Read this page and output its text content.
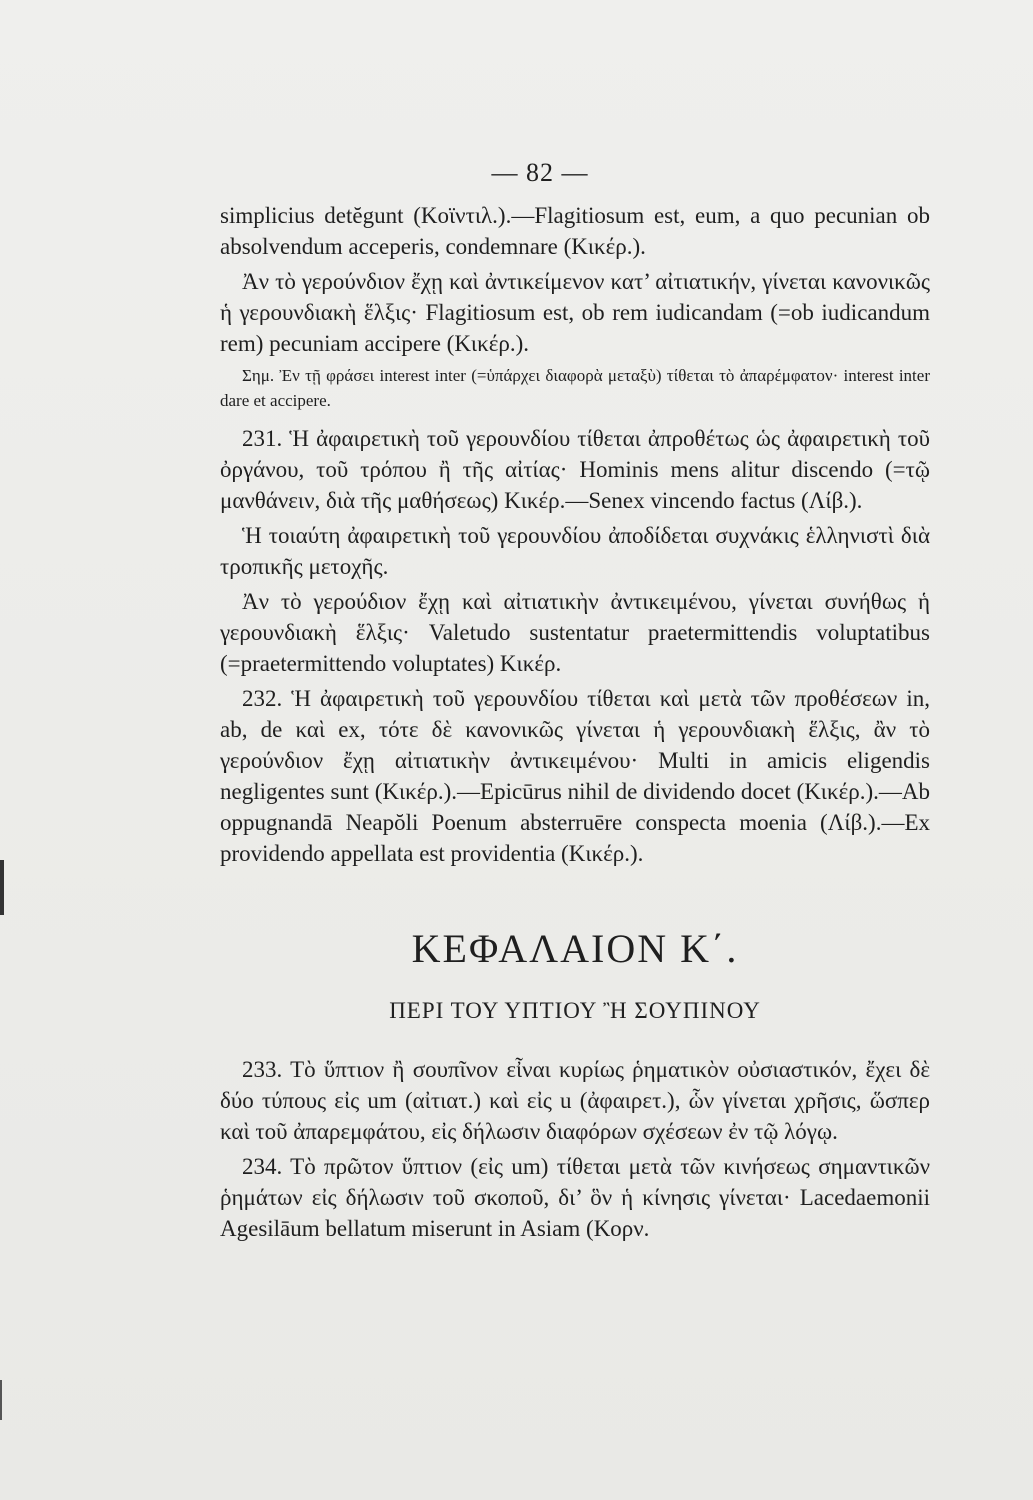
— 82 —

simplicius detĕgunt (Κοϊντιλ.).—Flagitiosum est, eum, a quo pecunian ob absolvendum acceperis, condemnare (Κικέρ.).

Ἀν τὸ γερούνδιον ἔχῃ καὶ ἀντικείμενον κατ’ αἰτιατικήν, γίνεται κανονικῶς ἡ γερουνδιακὴ ἕλξις· Flagitiosum est, ob rem iudicandam (=ob iudicandum rem) pecuniam accipere (Κικέρ.).

Σημ. Ἐν τῇ φράσει interest inter (=ὑπάρχει διαφορὰ μεταξὺ) τίθεται τὸ ἀπαρέμφατον· interest inter dare et accipere.

231. Ἡ ἀφαιρετικὴ τοῦ γερουνδίου τίθεται ἀπροθέτως ὡς ἀφαιρετικὴ τοῦ ὀργάνου, τοῦ τρόπου ἢ τῆς αἰτίας· Hominis mens alitur discendo (=τῷ μανθάνειν, διὰ τῆς μαθήσεως) Κικέρ.—Senex vincendo factus (Λίβ.).

Ἡ τοιαύτη ἀφαιρετικὴ τοῦ γερουνδίου ἀποδίδεται συχνάκις ἑλληνιστὶ διὰ τροπικῆς μετοχῆς.

Ἀν τὸ γερούδιον ἔχῃ καὶ αἰτιατικὴν ἀντικειμένου, γίνεται συνήθως ἡ γερουνδιακὴ ἕλξις· Valetudo sustentatur praetermittendis voluptatibus (=praetermittendo voluptates) Κικέρ.

232. Ἡ ἀφαιρετικὴ τοῦ γερουνδίου τίθεται καὶ μετὰ τῶν προθέσεων in, ab, de καὶ ex, τότε δὲ κανονικῶς γίνεται ἡ γερουνδιακὴ ἕλξις, ἂν τὸ γερούνδιον ἔχῃ αἰτιατικὴν ἀντικειμένου· Multi in amicis eligendis negligentes sunt (Κικέρ.).—Epicūrus nihil de dividendo docet (Κικέρ.).—Ab oppugnandā Neapŏli Poenum absterruēre conspecta moenia (Λίβ.).—Ex providendo appellata est providentia (Κικέρ.).

ΚΕΦΑΛΑΙΟΝ Κ΄.
ΠΕΡΙ ΤΟΥ ΥΠΤΙΟΥ Ἢ ΣΟΥΠΙΝΟΥ

233. Τὸ ὕπτιον ἢ σουπῖνον εἶναι κυρίως ῥηματικὸν οὐσιαστικόν, ἔχει δὲ δύο τύπους εἰς um (αἰτιατ.) καὶ εἰς u (ἀφαιρετ.), ὧν γίνεται χρῆσις, ὥσπερ καὶ τοῦ ἀπαρεμφάτου, εἰς δήλωσιν διαφόρων σχέσεων ἐν τῷ λόγῳ.

234. Τὸ πρῶτον ὕπτιον (εἰς um) τίθεται μετὰ τῶν κινήσεως σημαντικῶν ῥημάτων εἰς δήλωσιν τοῦ σκοποῦ, δι’ ὃν ἡ κίνησις γίνεται· Lacedaemonii Agesilāum bellatum miserunt in Asiam (Κορν.
